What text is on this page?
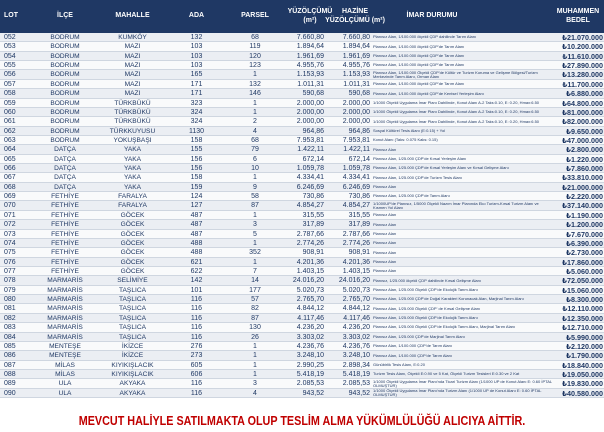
LOT	İLÇE	MAHALLE	ADA	PARSEL
YÜZÖLÇÜMÜ
(m²)
HAZİNE
YÜZÖLÇÜMÜ (m²)
İMAR DURUMU
MUHAMMEN
BEDEL
052	BODRUM	KUMKÖY	132	68	7.660,80	7.660,80 Planısız Alan, 1/100.000 ölçekli ÇDP dahilinde Tarım Alanı	₺21.070.000
053	BODRUM	MAZI	103	119	1.894,64	1.894,64 Planısız Alan, 1/100.000 ölçekli ÇDP'de Tarım Alanı	₺10.200.000
054	BODRUM	MAZI	103	120	1.961,69	1.961,69 Planısız Alan, 1/100.000 ölçekli ÇDP'de Tarım Alanı	₺11.610.000
055	BODRUM	MAZI	103	123	4.955,76	4.955,76 Planısız Alan, 1/100.000 ölçekli ÇDP'de Tarım Alanı	₺27.890.000
056	BODRUM	MAZI	165	1	1.153,93	1.153,93 Planısız Alan, 1/100.000 Ölçekli ÇDP'de Kültür ve Turizm Koruma ve Gelişme Bölgesi/Turizm Merkezinde Tarım Alanı, Orman Alanı	₺13.280.000
057	BODRUM	MAZI	171	132	1.011,31	1.011,31 Planısız Alan, 1/100.000 ölçekli ÇDP'de Tarım Alanı	₺11.700.000
058	BODRUM	MAZI	171	146	590,68	590,68 Planısız Alan, 1/100.000 ölçekli ÇDP'de Kentsel Yerleşim Alanı	₺6.880.000
059	BODRUM	TÜRKBÜKÜ	323	1	2.000,00	2.000,00 1/1000 Ölçekli Uygulama İmar Planı Dahilinde, Konut Alanı A-2 Taks:0.10, E: 0.20, Hmax:6.50	₺64.800.000
060	BODRUM	TÜRKBÜKÜ	324	1	2.000,00	2.000,00 1/1000 Ölçekli Uygulama İmar Planı Dahilinde, Konut Alanı A-2 Taks:0.10, E: 0.20, Hmax:6.50	₺81.000.000
061	BODRUM	TÜRKBÜKÜ	324	2	2.000,00	2.000,00 1/1000 Ölçekli Uygulama İmar Planı Dahilinde, Konut Alanı A-2 Taks:0.10, E: 0.20, Hmax:6.50	₺82.000.000
062	BODRUM	TÜRKKUYUSU	1130	4	964,86	964,86 Sosyal Kültürel Tesis Alanı (E:0.15) + Yol	₺9.650.000
063	BODRUM	YOKUŞBAŞI	158	68	7.953,81	7.953,81 Konut Alanı (Taks: 0.075 Kaks: 0.15)	₺47.000.000
064	DATÇA	YAKA	155	79	1.422,11	1.422,11 Planısız Alan	₺2.800.000
065	DATÇA	YAKA	156	6	672,14	672,14 Planısız Alan, 1/25.000 ÇDP'de Kırsal Yerleşim Alanı	₺1.220.000
066	DATÇA	YAKA	156	10	1.059,78	1.059,78 Planısız Alan, 1/25.000 ÇDP'de Kırsal Yerleşim Alanı ve Kırsal Gelişme Alanı	₺7.860.000
067	DATÇA	YAKA	158	1	4.334,41	4.334,41 Planısız Alan, 1/25.000 ÇDP'de Turizm Tesis Alanı	₺33.810.000
068	DATÇA	YAKA	159	9	6.246,69	6.246,69 Planısız Alan	₺21.000.000
069	FETHİYE	FARALYA	124	58	730,86	730,86 Planısız Alan, 1/25.000 ÇDP'de Tarım Alanı	₺2.220.000
070	FETHİYE	FARALYA	127	87	4.854,27	4.854,27 1/1000UP'de Planısız, 1/5000 Ölçekli Nazım İmar Planında Eko Turizm-Kırsal Turizm Alanı ve Kısmen Yol Alanı	₺37.140.000
071	FETHİYE	GÖCEK	487	1	315,55	315,55 Planısız Alan	₺1.190.000
072	FETHİYE	GÖCEK	487	3	317,89	317,89 Planısız Alan	₺1.200.000
073	FETHİYE	GÖCEK	487	5	2.787,66	2.787,66 Planısız Alan	₺7.670.000
074	FETHİYE	GÖCEK	488	1	2.774,26	2.774,26 Planısız Alan	₺6.390.000
075	FETHİYE	GÖCEK	488	352	908,91	908,91 Planısız Alan	₺2.730.000
076	FETHİYE	GÖCEK	621	1	4.201,36	4.201,36 Planısız Alan	₺17.860.000
077	FETHİYE	GÖCEK	622	7	1.403,15	1.403,15 Planısız Alan	₺5.060.000
078	MARMARİS	SELİMİYE	142	14	24.016,20	24.016,20 Planısız, 1/25.000 ölçekli ÇDP dahilinde Kırsal Gelişme Alanı	₺72.050.000
079	MARMARİS	TAŞLICA	101	177	5.020,73	5.020,73 Planısız Alan, 1/25.000 Ölçekli ÇDP'de Ekolojik Tarım Alanı	₺15.060.000
080	MARMARİS	TAŞLICA	116	57	2.765,70	2.765,70 Planısız Alan, 1/25.000 ÇDP'de Doğal Karakteri Korunacak Alan, Marjinal Tarım Alanı	₺8.300.000
081	MARMARİS	TAŞLICA	116	82	4.844,12	4.844,12 Planısız Alan, 1/25.000 Ölçekli ÇDP' de Kırsal Gelişme Alanı	₺12.110.000
082	MARMARİS	TAŞLICA	116	87	4.117,46	4.117,46 Planısız Alan, 1/25.000 Ölçekli ÇDP'de Ekolojik Tarım Alanı	₺12.350.000
083	MARMARİS	TAŞLICA	116	130	4.236,20	4.236,20 Planısız Alan, 1/25.000 Ölçekli ÇDP'de Ekolojik Tarım Alanı, Marjinal Tarım Alanı	₺12.710.000
084	MARMARİS	TAŞLICA	116	26	3.303,02	3.303,02 Planısız Alan, 1/25.000 ÇDP'de Marjinal Tarım Alanı	₺5.990.000
085	MENTEŞE	İKİZCE	276	1	4.236,76	4.236,76 Planısız Alan, 1/100.000 ÇDP'de Tarım Alanı	₺2.120.000
086	MENTEŞE	İKİZCE	273	1	3.248,10	3.248,10 Planısız Alan, 1/100.000 ÇDP'de Tarım Alanı	₺1.790.000
087	MİLAS	KIYIKIŞLACIK	605	1	2.990,25	2.898,34 Günübirlik Tesis Alanı, E:0.20	₺18.840.000
088	MİLAS	KIYIKIŞLACIK	606	1	5.418,19	5.418,19 Turizm Tesis Alanı, Ölçekli E:0.90 ve 5 Kat, Ölçekli Turizm Tesisleri E:0.30 ve 2 Kat	₺19.050.000
089	ULA	AKYAKA	116	3	2.085,53	2.085,53 1/1000 Ölçekli Uygulama İmar Planı'nda Ticari Turizm Alanı (1/1000 UP de Konut Alanı E: 0.60 İPTAL OLMUŞTUR)	₺19.830.000
090	ULA	AKYAKA	116	4	943,52	943,52 1/1000 Ölçekli Uygulama İmar Planı'nda Turizm Alanı (1/1000 UP de Konut Alanı E: 0.60 İPTAL OLMUŞTUR)	₺40.580.000
MEVCUT HALİYLE SATILMAKTA OLUP TESLİM ALMA YÜKÜMLÜLÜĞÜ ALICIYA AİTTİR.
